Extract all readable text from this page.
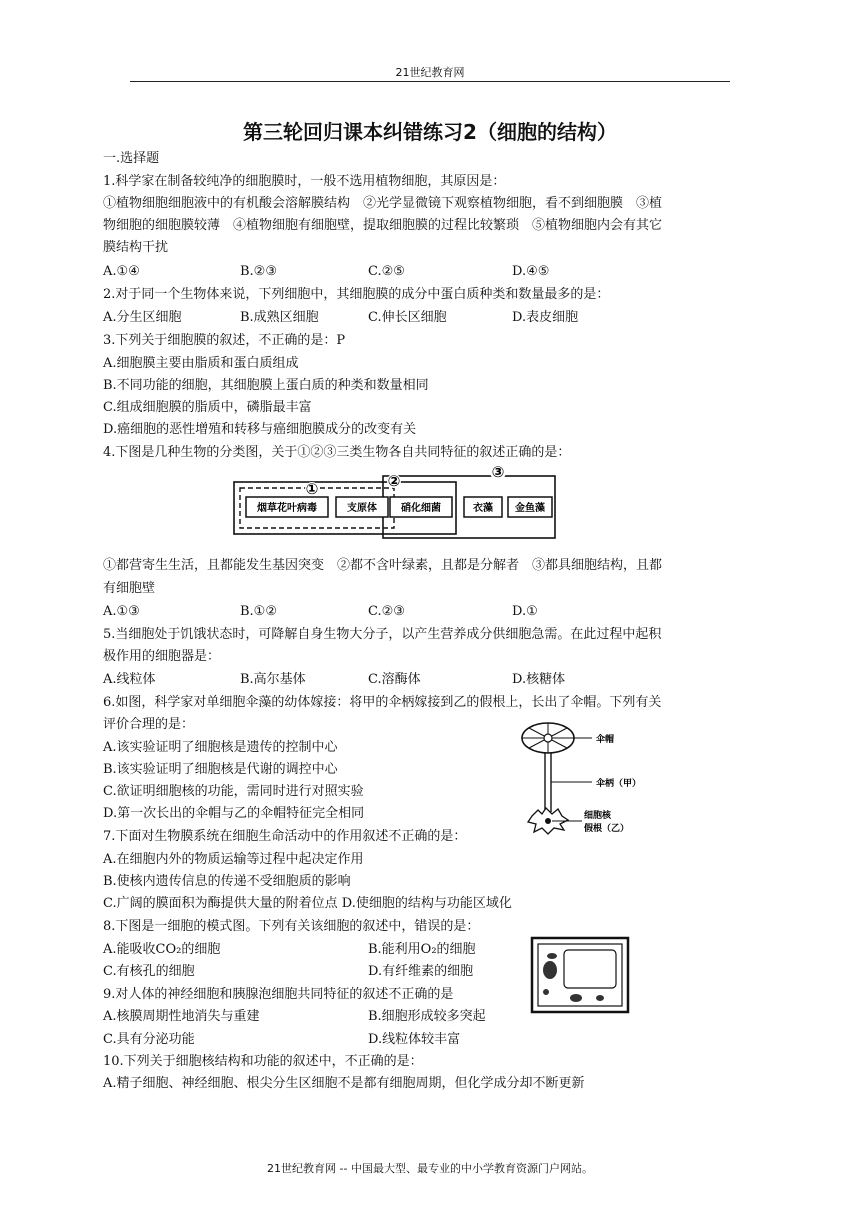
21世纪教育网
第三轮回归课本纠错练习2（细胞的结构）
一.选择题
1.科学家在制备较纯净的细胞膜时，一般不选用植物细胞，其原因是：
①植物细胞细胞液中的有机酸会溶解膜结构　②光学显微镜下观察植物细胞，看不到细胞膜　③植
物细胞的细胞膜较薄　④植物细胞有细胞壁，提取细胞膜的过程比较繁琐　⑤植物细胞内会有其它
膜结构干扰
A.①④	B.②③	C.②⑤	D.④⑤
2.对于同一个生物体来说，下列细胞中，其细胞膜的成分中蛋白质种类和数量最多的是：
A.分生区细胞	B.成熟区细胞	C.伸长区细胞	D.表皮细胞
3.下列关于细胞膜的叙述，不正确的是：P
A.细胞膜主要由脂质和蛋白质组成
B.不同功能的细胞，其细胞膜上蛋白质的种类和数量相同
C.组成细胞膜的脂质中，磷脂最丰富
D.癌细胞的恶性增殖和转移与癌细胞膜成分的改变有关
4.下图是几种生物的分类图，关于①②③三类生物各自共同特征的叙述正确的是：
①	②	③
烟草花叶病毒	支原体 硝化细菌	衣藻 金鱼藻
①都营寄生生活，且都能发生基因突变　②都不含叶绿素，且都是分解者　③都具细胞结构，且都
有细胞壁
A.①③	B.①②	C.②③	D.①
5.当细胞处于饥饿状态时，可降解自身生物大分子，以产生营养成分供细胞急需。在此过程中起积
极作用的细胞器是：
A.线粒体	B.高尔基体	C.溶酶体	D.核糖体
6.如图，科学家对单细胞伞藻的幼体嫁接：将甲的伞柄嫁接到乙的假根上，长出了伞帽。下列有关
评价合理的是：
A.该实验证明了细胞核是遗传的控制中心
B.该实验证明了细胞核是代谢的调控中心
C.欲证明细胞核的功能，需同时进行对照实验
D.第一次长出的伞帽与乙的伞帽特征完全相同
伞帽
伞柄（甲）
细胞核
假根（乙）
7.下面对生物膜系统在细胞生命活动中的作用叙述不正确的是：
A.在细胞内外的物质运输等过程中起决定作用
B.使核内遗传信息的传递不受细胞质的影响
C.广阔的膜面积为酶提供大量的附着位点 D.使细胞的结构与功能区域化
8.下图是一细胞的模式图。下列有关该细胞的叙述中，错误的是：
A.能吸收CO₂的细胞	B.能利用O₂的细胞
C.有核孔的细胞	D.有纤维素的细胞
9.对人体的神经细胞和胰腺泡细胞共同特征的叙述不正确的是
A.核膜周期性地消失与重建	B.细胞形成较多突起
C.具有分泌功能	D.线粒体较丰富
10.下列关于细胞核结构和功能的叙述中，不正确的是：
A.精子细胞、神经细胞、根尖分生区细胞不是都有细胞周期，但化学成分却不断更新
21世纪教育网 -- 中国最大型、最专业的中小学教育资源门户网站。
